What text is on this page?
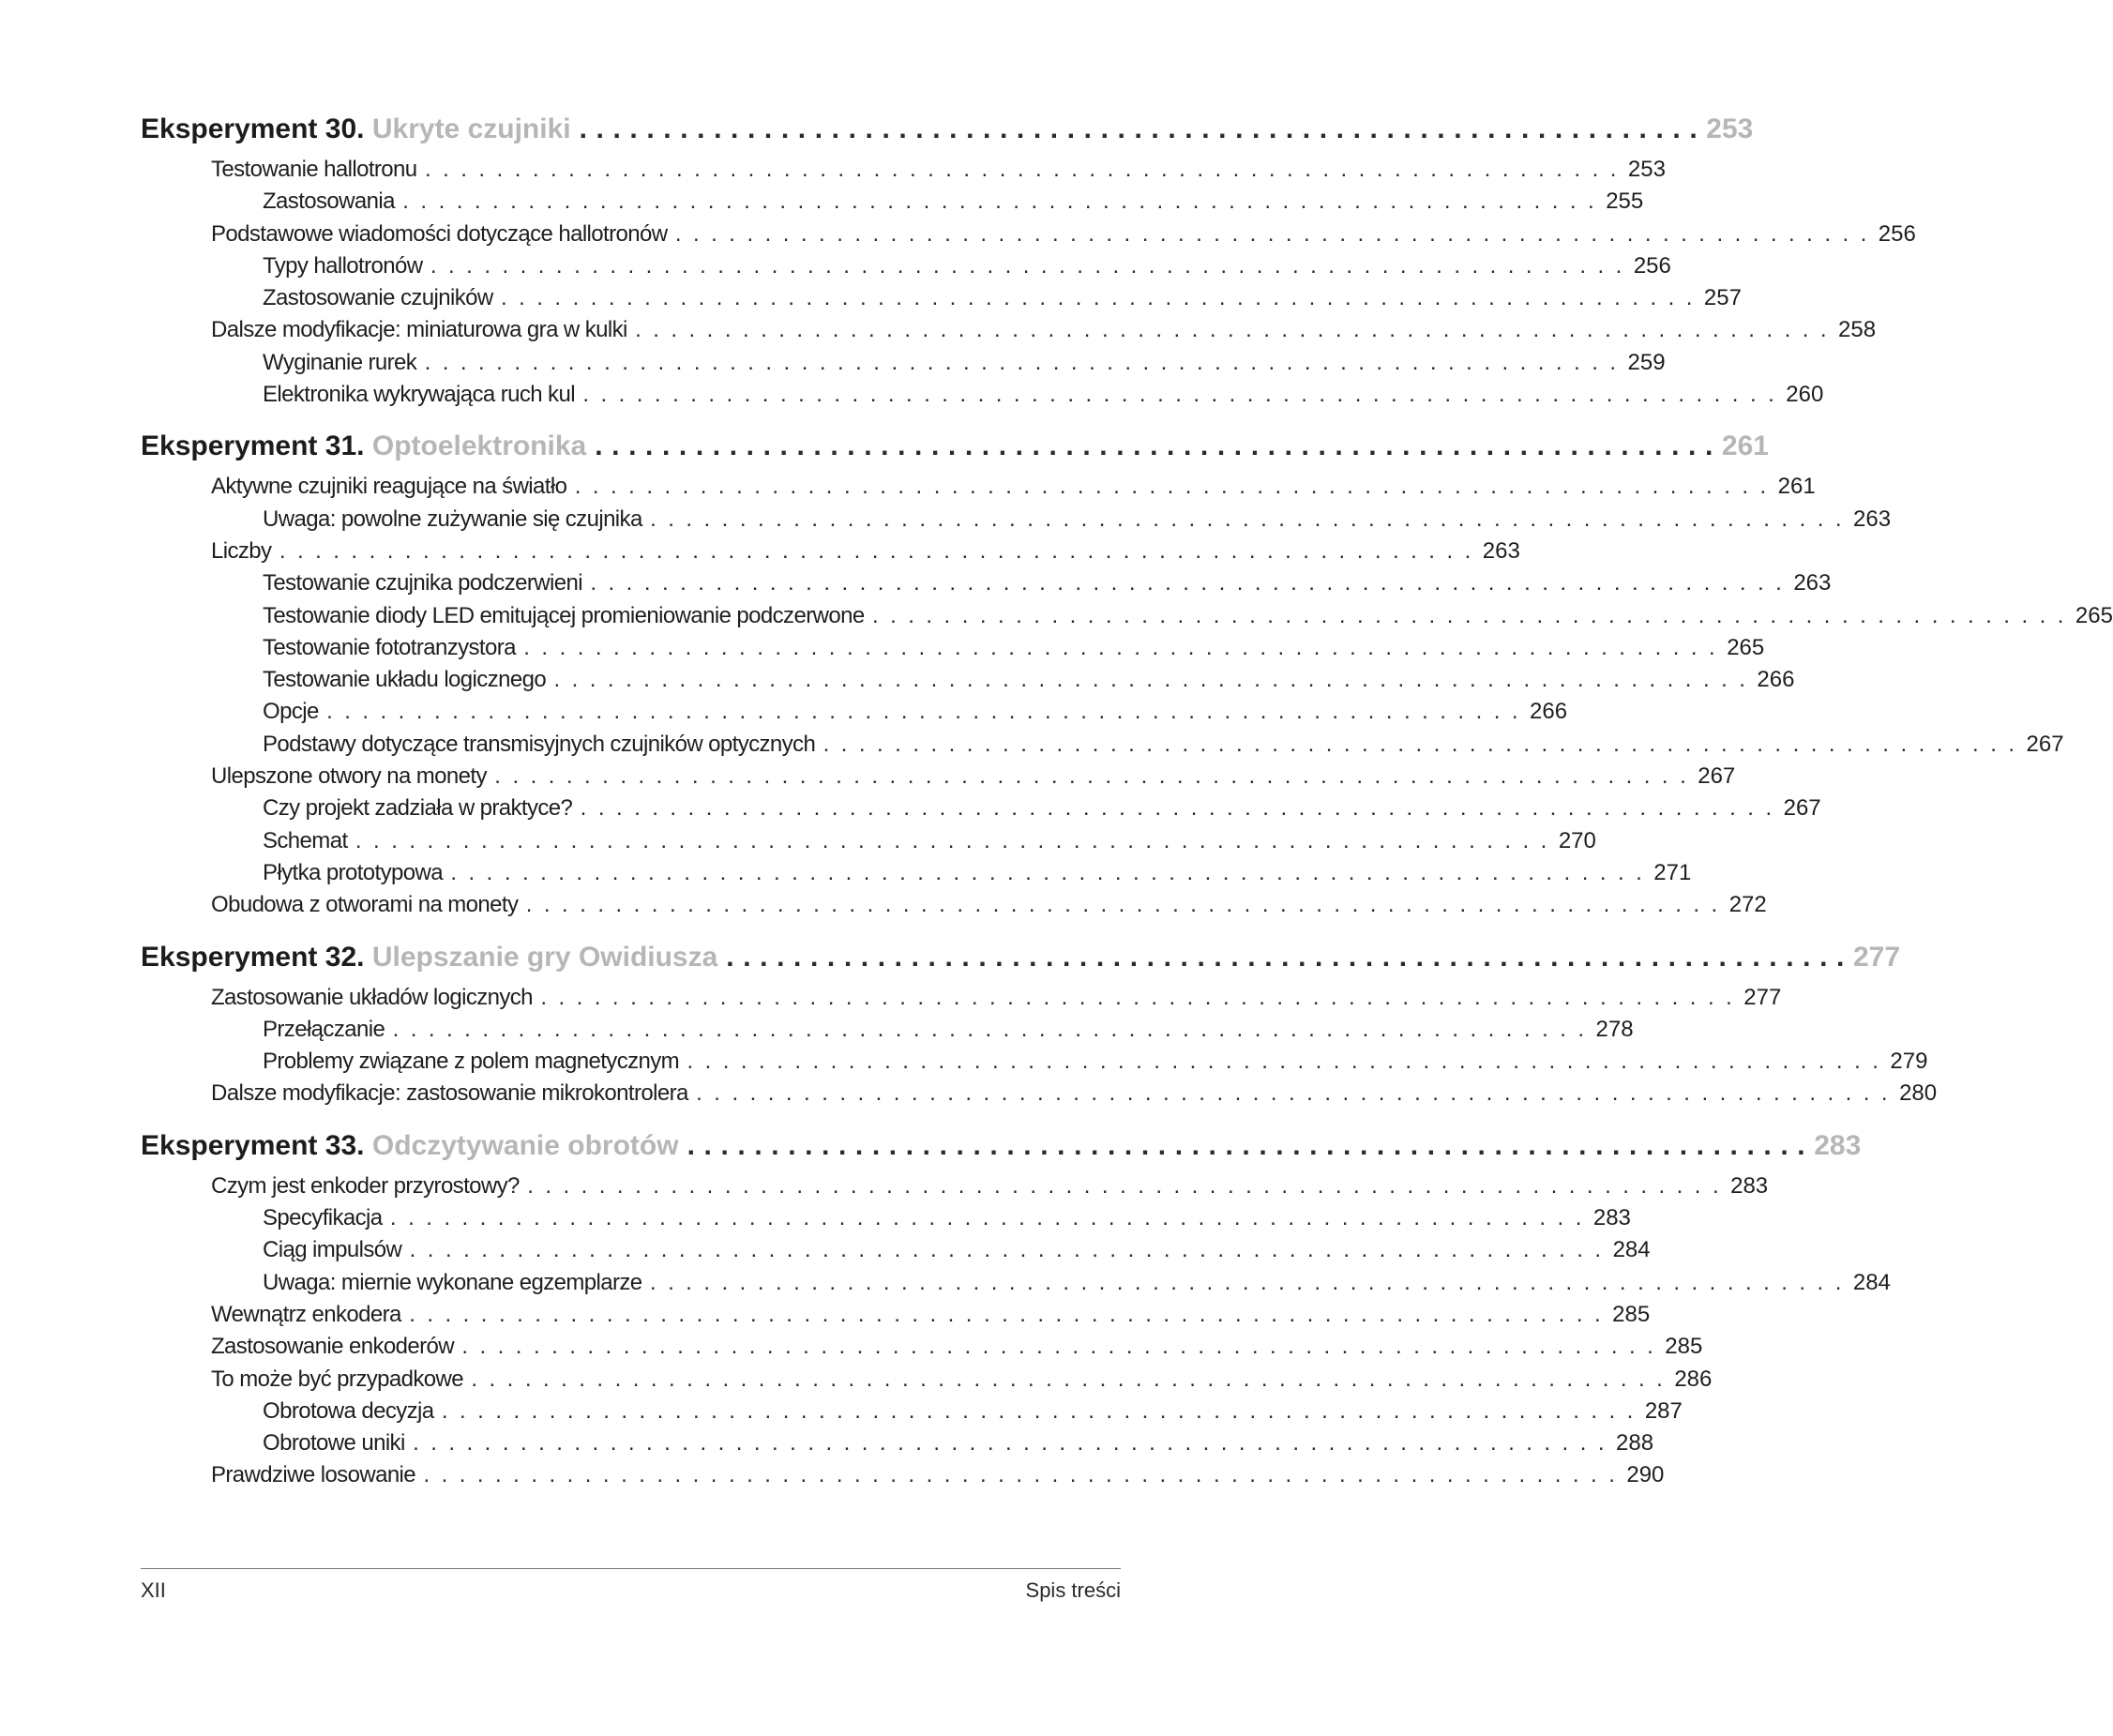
Eksperyment 30. Ukryte czujniki ................................................................... 253
Testowanie hallotronu ................................................................... 253
Zastosowania ................................................................... 255
Podstawowe wiadomości dotyczące hallotronów ................................................................... 256
Typy hallotronów ................................................................... 256
Zastosowanie czujników ................................................................... 257
Dalsze modyfikacje: miniaturowa gra w kulki ................................................................... 258
Wyginanie rurek ................................................................... 259
Elektronika wykrywająca ruch kul ................................................................... 260
Eksperyment 31. Optoelektronika ................................................................... 261
Aktywne czujniki reagujące na światło ................................................................... 261
Uwaga: powolne zużywanie się czujnika ................................................................... 263
Liczby ................................................................... 263
Testowanie czujnika podczerwieni ................................................................... 263
Testowanie diody LED emitującej promieniowanie podczerwone ................................................................... 265
Testowanie fototranzystora ................................................................... 265
Testowanie układu logicznego ................................................................... 266
Opcje ................................................................... 266
Podstawy dotyczące transmisyjnych czujników optycznych ................................................................... 267
Ulepszone otwory na monety ................................................................... 267
Czy projekt zadziała w praktyce? ................................................................... 267
Schemat ................................................................... 270
Płytka prototypowa ................................................................... 271
Obudowa z otworami na monety ................................................................... 272
Eksperyment 32. Ulepszanie gry Owidiusza ................................................................... 277
Zastosowanie układów logicznych ................................................................... 277
Przełączanie ................................................................... 278
Problemy związane z polem magnetycznym ................................................................... 279
Dalsze modyfikacje: zastosowanie mikrokontrolera ................................................................... 280
Eksperyment 33. Odczytywanie obrotów ................................................................... 283
Czym jest enkoder przyrostowy? ................................................................... 283
Specyfikacja ................................................................... 283
Ciąg impulsów ................................................................... 284
Uwaga: miernie wykonane egzemplarze ................................................................... 284
Wewnątrz enkodera ................................................................... 285
Zastosowanie enkoderów ................................................................... 285
To może być przypadkowe ................................................................... 286
Obrotowa decyzja ................................................................... 287
Obrotowe uniki ................................................................... 288
Prawdziwe losowanie ................................................................... 290
XII	Spis treści
